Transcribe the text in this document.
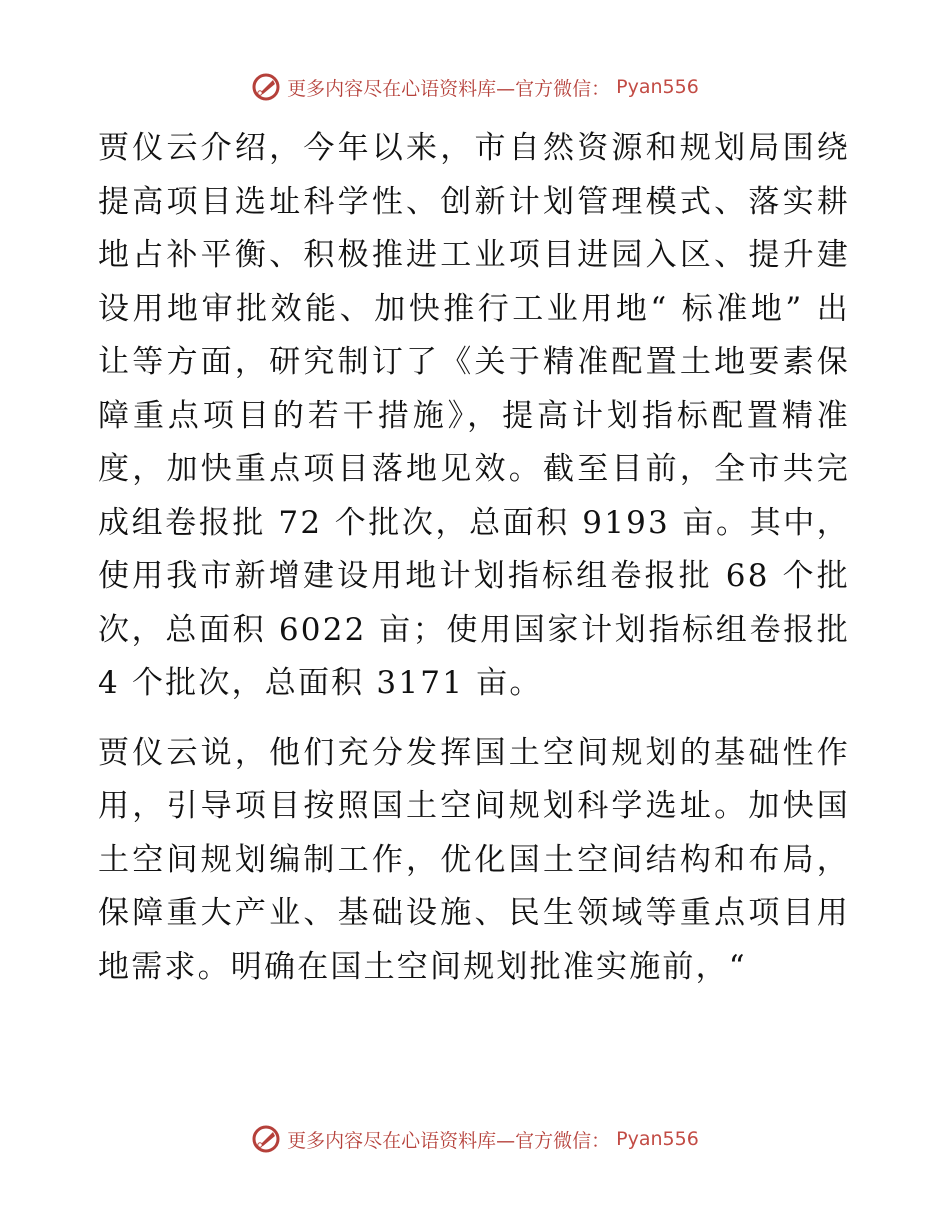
更多内容尽在心语资料库—官方微信： Pyan556

贾仪云介绍，今年以来，市自然资源和规划局围绕提高项目选址科学性、创新计划管理模式、落实耕地占补平衡、积极推进工业项目进园入区、提升建设用地审批效能、加快推行工业用地“ 标准地” 出让等方面，研究制订了《关于精准配置土地要素保障重点项目的若干措施》，提高计划指标配置精准度，加快重点项目落地见效。截至目前，全市共完成组卷报批 72 个批次，总面积 9193 亩。其中，使用我市新增建设用地计划指标组卷报批 68 个批次，总面积 6022 亩；使用国家计划指标组卷报批 4 个批次，总面积 3171 亩。

贾仪云说，他们充分发挥国土空间规划的基础性作用，引导项目按照国土空间规划科学选址。加快国土空间规划编制工作，优化国土空间结构和布局，保障重大产业、基础设施、民生领域等重点项目用地需求。明确在国土空间规划批准实施前，“

更多内容尽在心语资料库—官方微信： Pyan556
